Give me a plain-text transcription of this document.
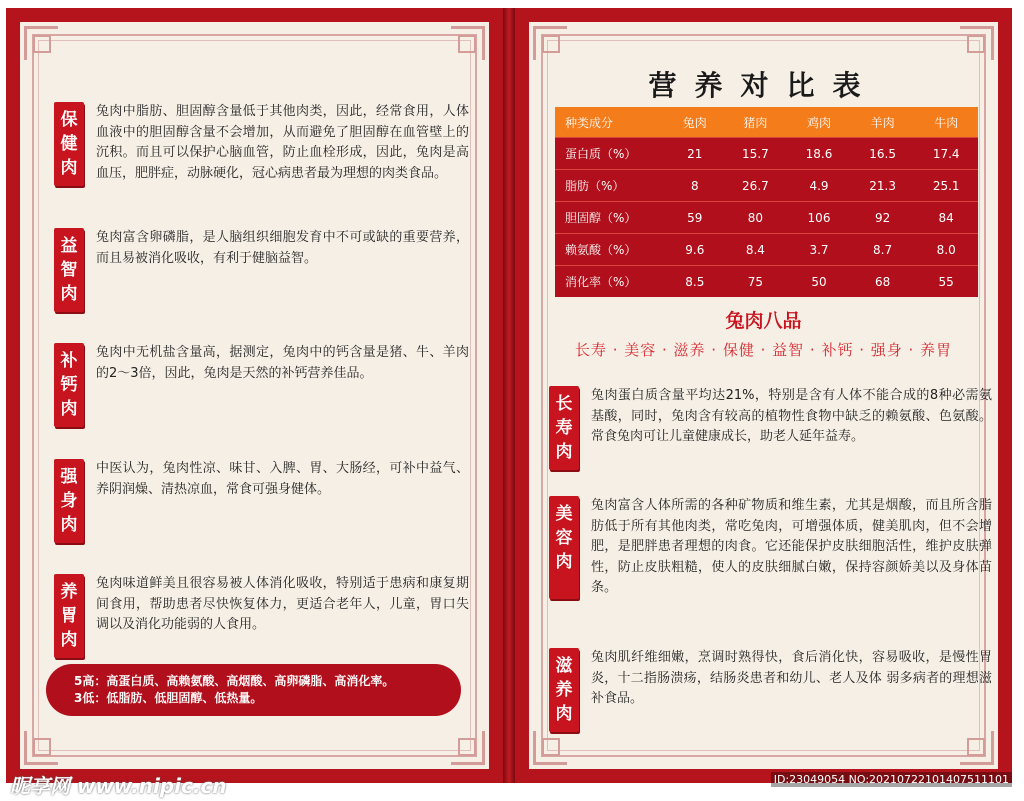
保
健
肉
兔肉中脂肪、胆固醇含量低于其他肉类，因此，经常食用，人体血液中的胆固醇含量不会增加，从而避免了胆固醇在血管壁上的沉积。而且可以保护心脑血管，防止血栓形成，因此，兔肉是高血压，肥胖症，动脉硬化，冠心病患者最为理想的肉类食品。
益
智
肉
兔肉富含卵磷脂，是人脑组织细胞发育中不可或缺的重要营养，而且易被消化吸收，有利于健脑益智。
补
钙
肉
兔肉中无机盐含量高，据测定，兔肉中的钙含量是猪、牛、羊肉的2～3倍，因此，兔肉是天然的补钙营养佳品。
强
身
肉
中医认为，兔肉性凉、味甘、入脾、胃、大肠经，可补中益气、养阴润燥、清热凉血，常食可强身健体。
养
胃
肉
兔肉味道鲜美且很容易被人体消化吸收，特别适于患病和康复期间食用，帮助患者尽快恢复体力，更适合老年人，儿童，胃口失调以及消化功能弱的人食用。
5高：高蛋白质、高赖氨酸、高烟酸、高卵磷脂、高消化率。
3低：低脂肪、低胆固醇、低热量。
营养对比表
种类成分	兔肉	猪肉	鸡肉	羊肉	牛肉
蛋白质（%）	21	15.7	18.6	16.5	17.4
脂肪（%）	8	26.7	4.9	21.3	25.1
胆固醇（%）	59	80	106	92	84
赖氨酸（%）	9.6	8.4	3.7	8.7	8.0
消化率（%）	8.5	75	50	68	55
兔肉八品
长寿 · 美容 · 滋养 · 保健 · 益智 · 补钙 · 强身 · 养胃
长
寿
肉
兔肉蛋白质含量平均达21%，特别是含有人体不能合成的8种必需氨基酸，同时，兔肉含有较高的植物性食物中缺乏的赖氨酸、色氨酸。常食兔肉可让儿童健康成长，助老人延年益寿。
美
容
肉
兔肉富含人体所需的各种矿物质和维生素，尤其是烟酸，而且所含脂肪低于所有其他肉类，常吃兔肉，可增强体质，健美肌肉，但不会增肥，是肥胖患者理想的肉食。它还能保护皮肤细胞活性，维护皮肤弹性，防止皮肤粗糙，使人的皮肤细腻白嫩，保持容颜娇美以及身体苗条。
滋
养
肉
兔肉肌纤维细嫩，烹调时熟得快，食后消化快，容易吸收，是慢性胃炎，十二指肠溃疡，结肠炎患者和幼儿、老人及体 弱多病者的理想滋补食品。
昵享网 www.nipic.cn	ID:23049054 NO:20210722101407511101
